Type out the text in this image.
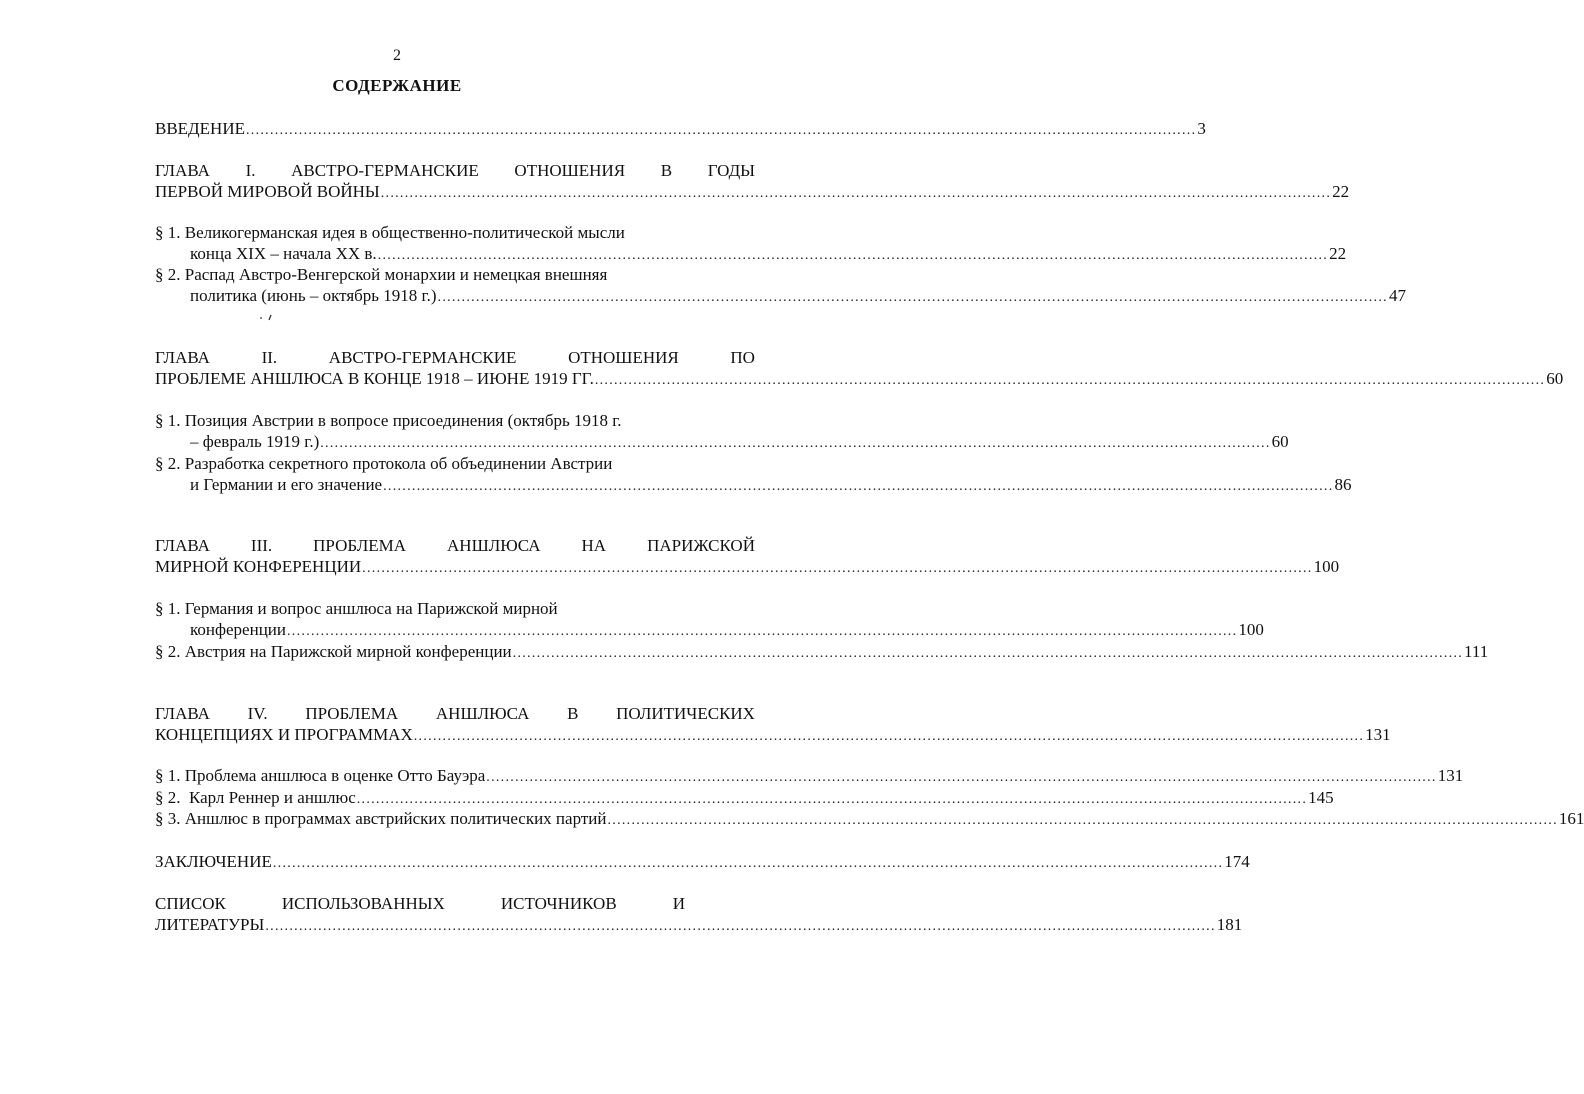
2
СОДЕРЖАНИЕ
ВВЕДЕНИЕ ...................................................................................................................................................................................................... 3
ГЛАВА I. АВСТРО-ГЕРМАНСКИЕ ОТНОШЕНИЯ В ГОДЫ
ПЕРВОЙ МИРОВОЙ ВОЙНЫ ...................................................................................................................................................................................................... 22
§ 1. Великогерманская идея в общественно-политической мысли
конца XIX – начала XX в. ...................................................................................................................................................................................................... 22
§ 2. Распад Австро-Венгерской монархии и немецкая внешняя
политика (июнь – октябрь 1918 г.) ...................................................................................................................................................................................................... 47
ГЛАВА	II.	АВСТРО-ГЕРМАНСКИЕ	ОТНОШЕНИЯ	ПО
ПРОБЛЕМЕ АНШЛЮСА В КОНЦЕ 1918 – ИЮНЕ 1919 ГГ. ...................................................................................................................................................................................................... 60
§ 1. Позиция Австрии в вопросе присоединения (октябрь 1918 г.
– февраль 1919 г.) ...................................................................................................................................................................................................... 60
§ 2. Разработка секретного протокола об объединении Австрии
и Германии и его значение ...................................................................................................................................................................................................... 86
ГЛАВА III. ПРОБЛЕМА АНШЛЮСА НА ПАРИЖСКОЙ
МИРНОЙ КОНФЕРЕНЦИИ ...................................................................................................................................................................................................... 100
§ 1. Германия и вопрос аншлюса на Парижской мирной
конференции ...................................................................................................................................................................................................... 100
§ 2. Австрия на Парижской мирной конференции ...................................................................................................................................................................................................... 111
ГЛАВА IV. ПРОБЛЕМА АНШЛЮСА В ПОЛИТИЧЕСКИХ
КОНЦЕПЦИЯХ И ПРОГРАММАХ ...................................................................................................................................................................................................... 131
§ 1. Проблема аншлюса в оценке Отто Бауэра ...................................................................................................................................................................................................... 131
§ 2.  Карл Реннер и аншлюс ...................................................................................................................................................................................................... 145
§ 3. Аншлюс в программах австрийских политических партий ...................................................................................................................................................................................................... 161
ЗАКЛЮЧЕНИЕ ...................................................................................................................................................................................................... 174
СПИСОК	ИСПОЛЬЗОВАННЫХ	ИСТОЧНИКОВ	И
ЛИТЕРАТУРЫ ...................................................................................................................................................................................................... 181
